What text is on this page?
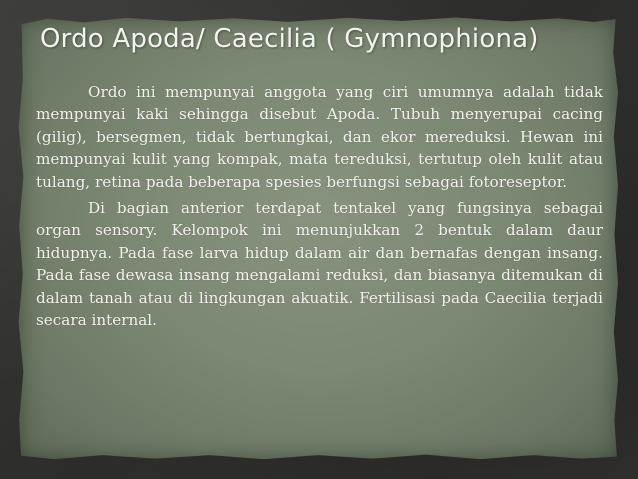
Ordo Apoda/ Caecilia ( Gymnophiona)

Ordo ini mempunyai anggota yang ciri umumnya adalah tidak mempunyai kaki sehingga disebut Apoda. Tubuh menyerupai cacing (gilig), bersegmen, tidak bertungkai, dan ekor mereduksi. Hewan ini mempunyai kulit yang kompak, mata tereduksi, tertutup oleh kulit atau tulang, retina pada beberapa spesies berfungsi sebagai fotoreseptor.

Di bagian anterior terdapat tentakel yang fungsinya sebagai organ sensory. Kelompok ini menunjukkan 2 bentuk dalam daur hidupnya. Pada fase larva hidup dalam air dan bernafas dengan insang. Pada fase dewasa insang mengalami reduksi, dan biasanya ditemukan di dalam tanah atau di lingkungan akuatik. Fertilisasi pada Caecilia terjadi secara internal.
